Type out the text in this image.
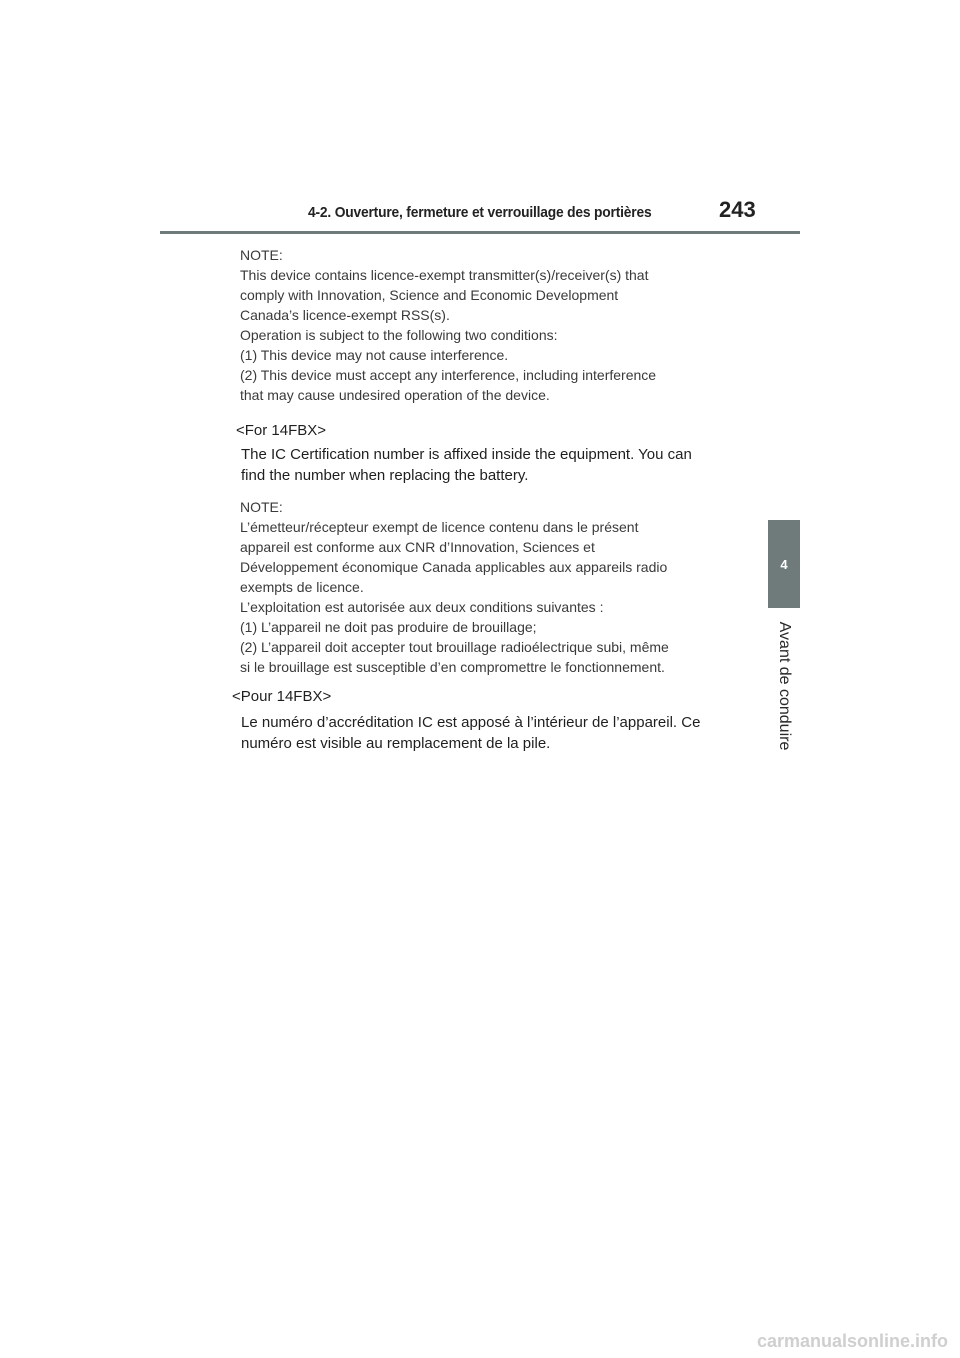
4-2. Ouverture, fermeture et verrouillage des portières	243
4
Avant de conduire

NOTE:

This device contains licence-exempt transmitter(s)/receiver(s) that

comply with Innovation, Science and Economic Development

Canada’s licence-exempt RSS(s).

Operation is subject to the following two conditions:

(1) This device may not cause interference.

(2) This device must accept any interference, including interference

that may cause undesired operation of the device.

<For 14FBX>

The IC Certification number is affixed inside the equipment. You can

find the number when replacing the battery.

NOTE:

L’émetteur/récepteur exempt de licence contenu dans le présent

appareil est conforme aux CNR d’Innovation, Sciences et

Développement économique Canada applicables aux appareils radio

exempts de licence.

L’exploitation est autorisée aux deux conditions suivantes :

(1) L’appareil ne doit pas produire de brouillage;

(2) L’appareil doit accepter tout brouillage radioélectrique subi, même

si le brouillage est susceptible d’en compromettre le fonctionnement.

<Pour 14FBX>

Le numéro d’accréditation IC est apposé à l’intérieur de l’appareil. Ce

numéro est visible au remplacement de la pile.

carmanualsonline.info
